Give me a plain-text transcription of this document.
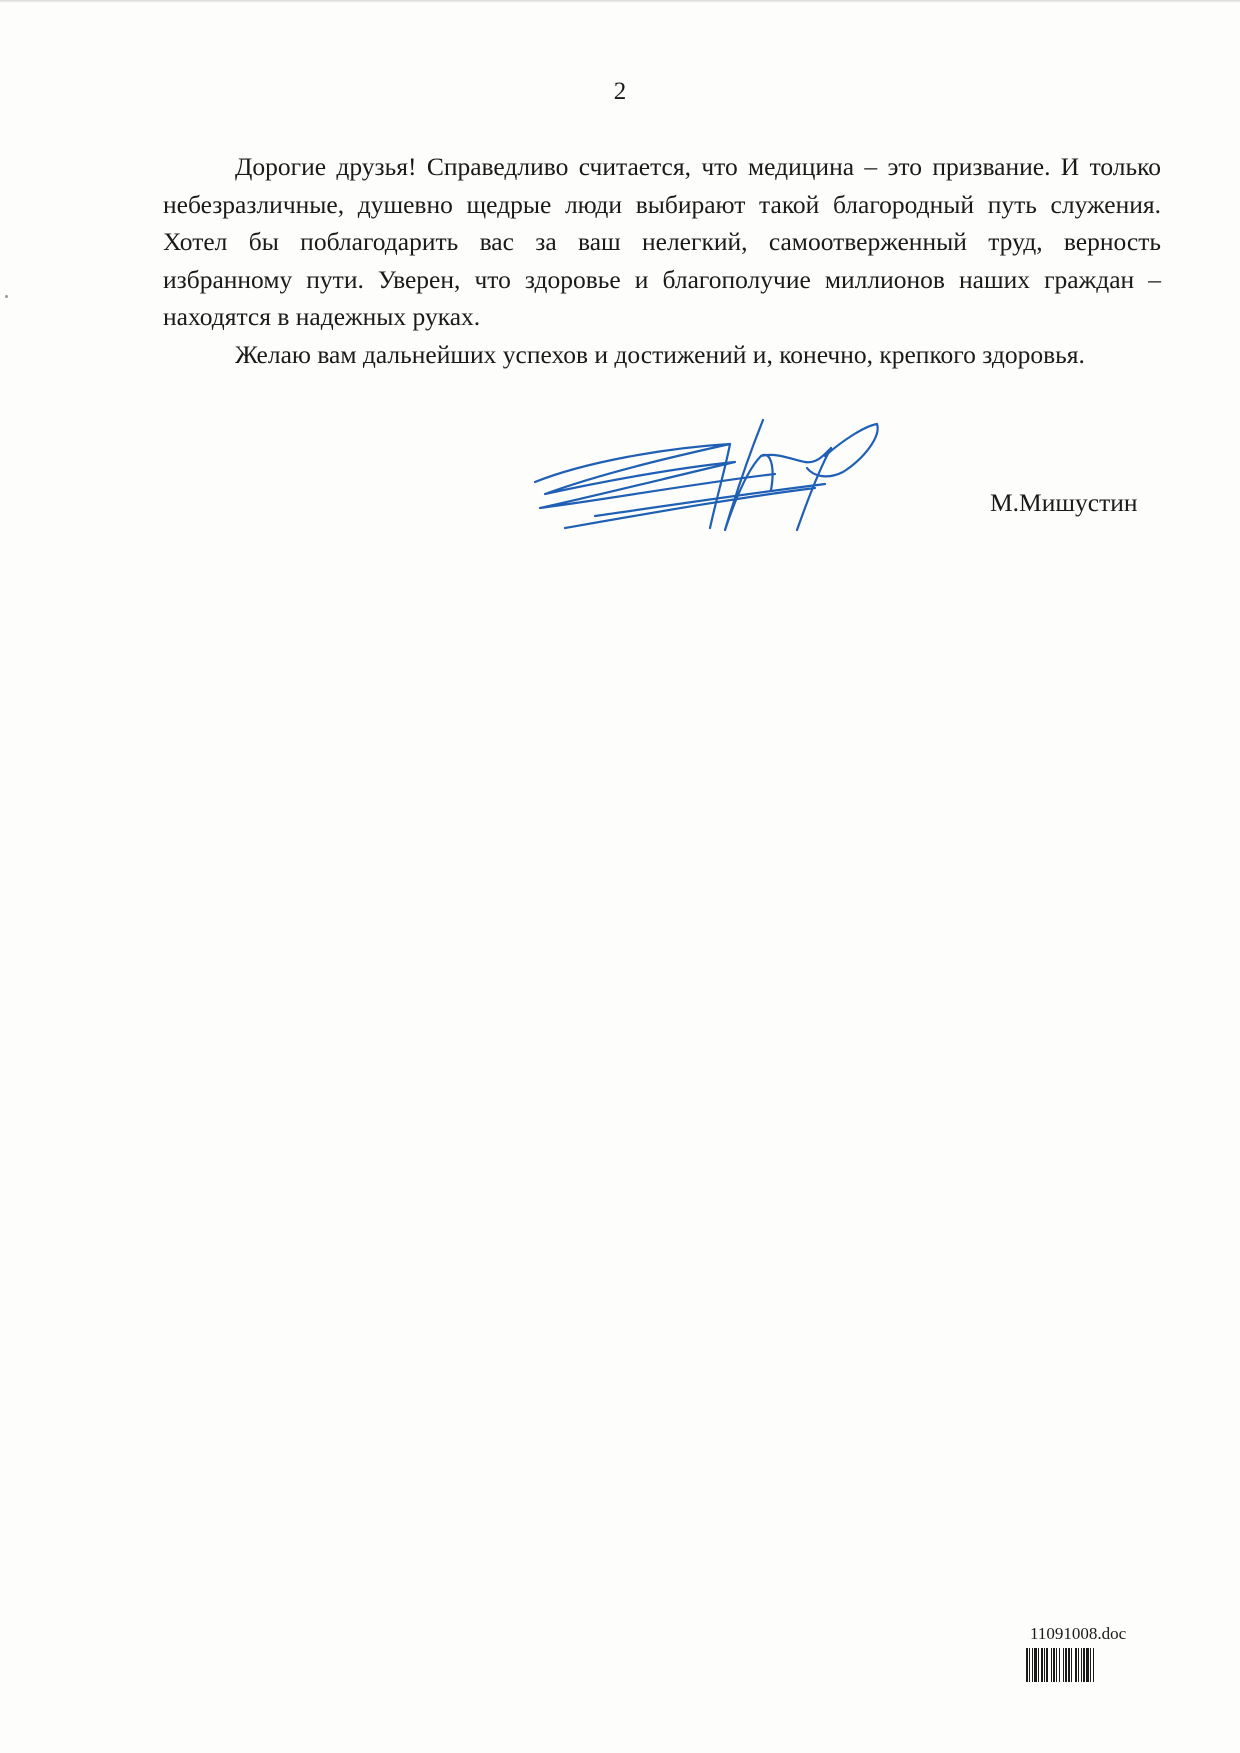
2

Дорогие друзья! Справедливо считается, что медицина – это призвание. И только небезразличные, душевно щедрые люди выбирают такой благородный путь служения. Хотел бы поблагодарить вас за ваш нелегкий, самоотверженный труд, верность избранному пути. Уверен, что здоровье и благополучие миллионов наших граждан – находятся в надежных руках.

Желаю вам дальнейших успехов и достижений и, конечно, крепкого здоровья.

М.Мишустин
11091008.doc
